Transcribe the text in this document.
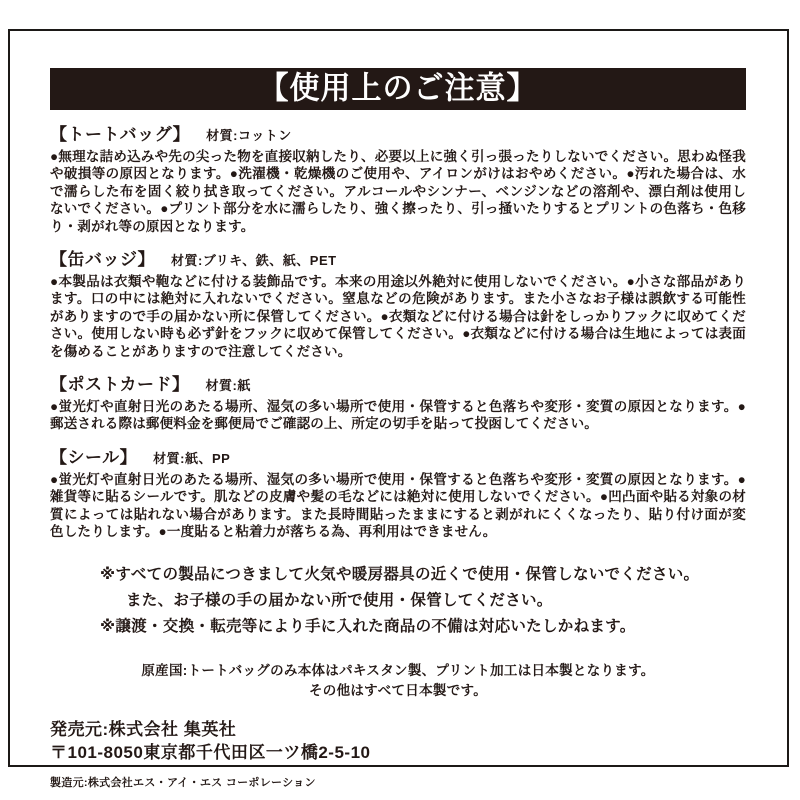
【使用上のご注意】
【トートバッグ】 材質:コットン
●無理な詰め込みや先の尖った物を直接収納したり、必要以上に強く引っ張ったりしないでください。思わぬ怪我や破損等の原因となります。●洗濯機・乾燥機のご使用や、アイロンがけはおやめください。●汚れた場合は、水で濡らした布を固く絞り拭き取ってください。アルコールやシンナー、ベンジンなどの溶剤や、漂白剤は使用しないでください。●プリント部分を水に濡らしたり、強く擦ったり、引っ掻いたりするとプリントの色落ち・色移り・剥がれ等の原因となります。
【缶バッジ】 材質:ブリキ、鉄、紙、PET
●本製品は衣類や鞄などに付ける装飾品です。本来の用途以外絶対に使用しないでください。●小さな部品があります。口の中には絶対に入れないでください。窒息などの危険があります。また小さなお子様は誤飲する可能性がありますので手の届かない所に保管してください。●衣類などに付ける場合は針をしっかりフックに収めてください。使用しない時も必ず針をフックに収めて保管してください。●衣類などに付ける場合は生地によっては表面を傷めることがありますので注意してください。
【ポストカード】 材質:紙
●蛍光灯や直射日光のあたる場所、湿気の多い場所で使用・保管すると色落ちや変形・変質の原因となります。●郵送される際は郵便料金を郵便局でご確認の上、所定の切手を貼って投函してください。
【シール】 材質:紙、PP
●蛍光灯や直射日光のあたる場所、湿気の多い場所で使用・保管すると色落ちや変形・変質の原因となります。●雑貨等に貼るシールです。肌などの皮膚や髪の毛などには絶対に使用しないでください。●凹凸面や貼る対象の材質によっては貼れない場合があります。また長時間貼ったままにすると剥がれにくくなったり、貼り付け面が変色したりします。●一度貼ると粘着力が落ちる為、再利用はできません。
※すべての製品につきまして火気や暖房器具の近くで使用・保管しないでください。
また、お子様の手の届かない所で使用・保管してください。
※譲渡・交換・転売等により手に入れた商品の不備は対応いたしかねます。
原産国:トートバッグのみ本体はパキスタン製、プリント加工は日本製となります。
その他はすべて日本製です。
発売元:株式会社 集英社
〒101-8050東京都千代田区一ツ橋2-5-10
製造元:株式会社エス・アイ・エス コーポレーション
